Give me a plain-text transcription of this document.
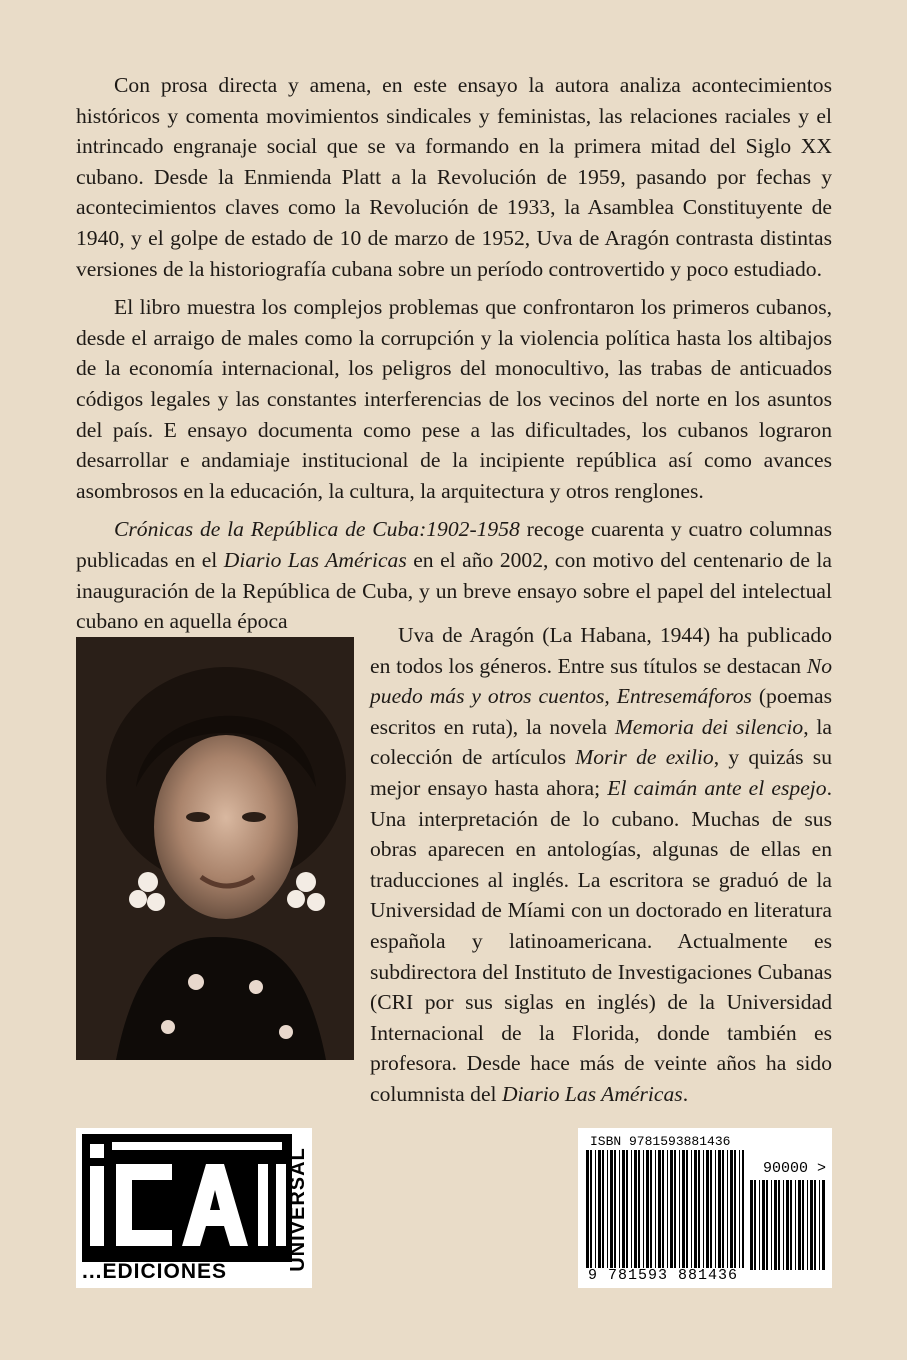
Con prosa directa y amena, en este ensayo la autora analiza acontecimientos históricos y comenta movimientos sindicales y feministas, las relaciones raciales y el intrincado engranaje social que se va formando en la primera mitad del Siglo XX cubano. Desde la Enmienda Platt a la Revolución de 1959, pasando por fechas y acontecimientos claves como la Revolución de 1933, la Asamblea Constituyente de 1940, y el golpe de estado de 10 de marzo de 1952, Uva de Aragón contrasta distintas versiones de la historiografía cubana sobre un período controvertido y poco estudiado.

El libro muestra los complejos problemas que confrontaron los primeros cubanos, desde el arraigo de males como la corrupción y la violencia política hasta los altibajos de la economía internacional, los peligros del monocultivo, las trabas de anticuados códigos legales y las constantes interferencias de los vecinos del norte en los asuntos del país. E ensayo documenta como pese a las dificultades, los cubanos lograron desarrollar e andamiaje institucional de la incipiente república así como avances asombrosos en la educación, la cultura, la arquitectura y otros renglones.

Crónicas de la República de Cuba:1902-1958 recoge cuarenta y cuatro columnas publicadas en el Diario Las Américas en el año 2002, con motivo del centenario de la inauguración de la República de Cuba, y un breve ensayo sobre el papel del intelectual cubano en aquella época

Uva de Aragón (La Habana, 1944) ha publicado en todos los géneros. Entre sus títulos se destacan No puedo más y otros cuentos, Entresemáforos (poemas escritos en ruta), la novela Memoria dei silencio, la colección de artículos Morir de exilio, y quizás su mejor ensayo hasta ahora; El caimán ante el espejo. Una interpretación de lo cubano. Muchas de sus obras aparecen en antologías, algunas de ellas en traducciones al inglés. La escritora se graduó de la Universidad de Míami con un doctorado en literatura española y latinoamericana. Actualmente es subdirectora del Instituto de Investigaciones Cubanas (CRI por sus siglas en inglés) de la Universidad Internacional de la Florida, donde también es profesora. Desde hace más de veinte años ha sido columnista del Diario Las Américas.

...EDICIONES
UNIVERSAL
ISBN 9781593881436
90000 >
9 781593 881436
